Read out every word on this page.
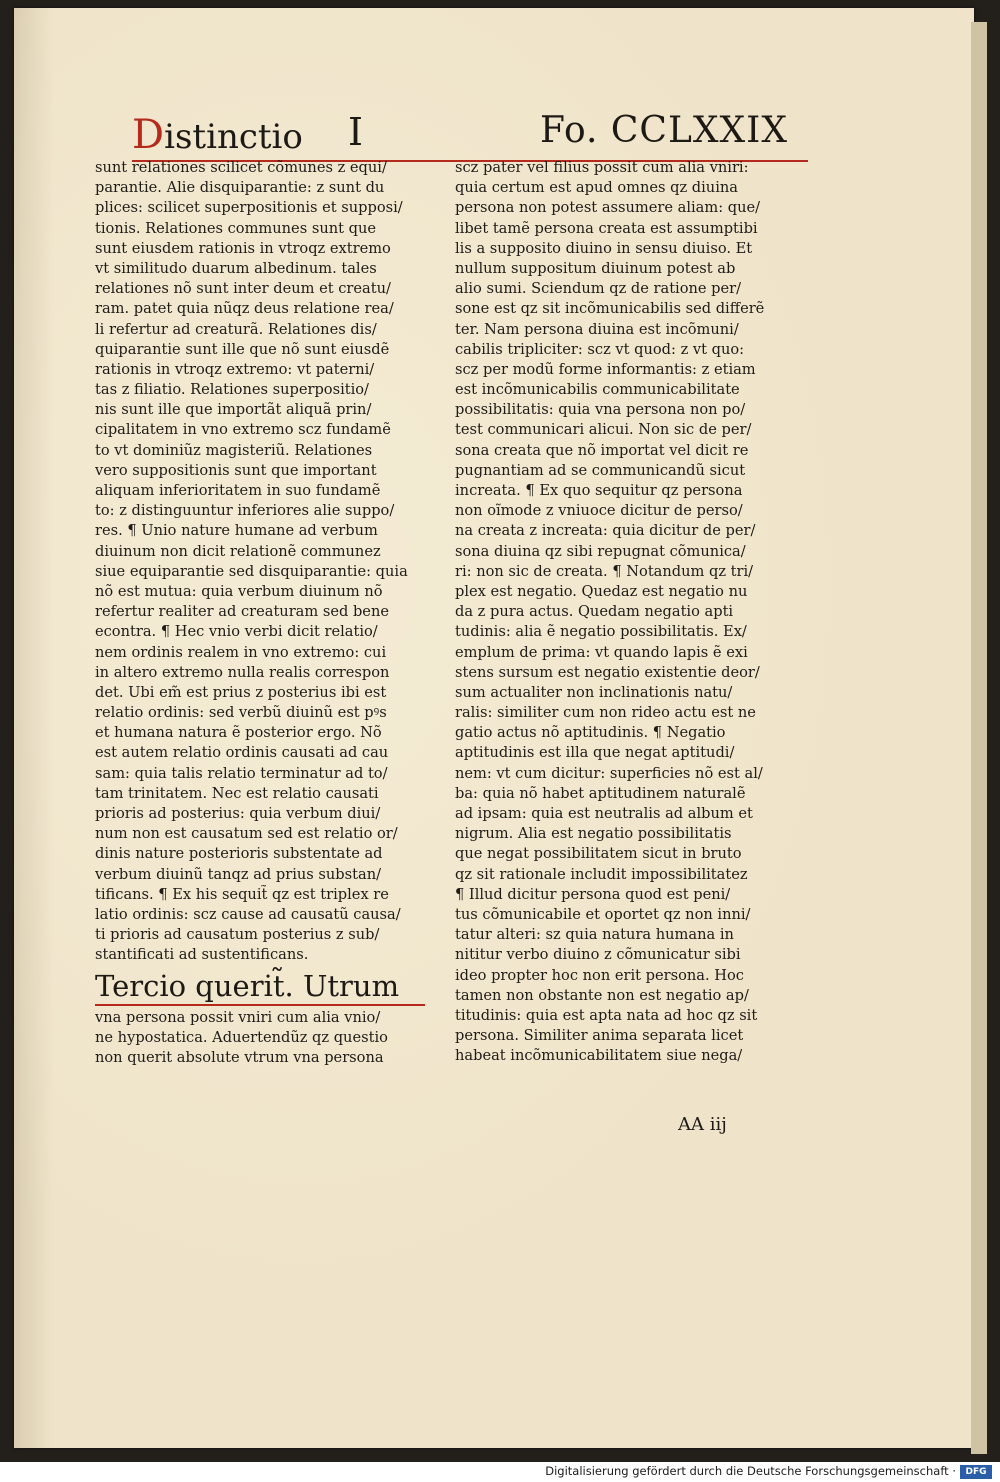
Distinctio I	Fo. CCLXXIX
sunt relationes scilicet cõmunes z equi/
parantie. Alie disquiparantie: z sunt du
plices: scilicet superpositionis et supposi/
tionis. Relationes communes sunt que
sunt eiusdem rationis in vtroqz extremo
vt similitudo duarum albedinum. tales
relationes nõ sunt inter deum et creatu/
ram. patet quia nũqz deus relatione rea/
li refertur ad creaturã. Relationes dis/
quiparantie sunt ille que nõ sunt eiusdẽ
rationis in vtroqz extremo: vt paterni/
tas z filiatio. Relationes superpositio/
nis sunt ille que importãt aliquã prin/
cipalitatem in vno extremo scz fundamẽ
to vt dominiũz magisteriũ. Relationes
vero suppositionis sunt que important
aliquam inferioritatem in suo fundamẽ
to: z distinguuntur inferiores alie suppo/
res. ¶ Unio nature humane ad verbum
diuinum non dicit relationẽ communez
siue equiparantie sed disquiparantie: quia
nõ est mutua: quia verbum diuinum nõ
refertur realiter ad creaturam sed bene
econtra. ¶ Hec vnio verbi dicit relatio/
nem ordinis realem in vno extremo: cui
in altero extremo nulla realis correspon
det. Ubi em̃ est prius z posterius ibi est
relatio ordinis: sed verbũ diuinũ est pꝰs
et humana natura ẽ posterior ergo. Nõ
est autem relatio ordinis causati ad cau
sam: quia talis relatio terminatur ad to/
tam trinitatem. Nec est relatio causati
prioris ad posterius: quia verbum diui/
num non est causatum sed est relatio or/
dinis nature posterioris substentate ad
verbum diuinũ tanqz ad prius substan/
tificans. ¶ Ex his sequit̃ qz est triplex re
latio ordinis: scz cause ad causatũ causa/
ti prioris ad causatum posterius z sub/
stantificati ad sustentificans.
Tercio querit̃. Utrum
vna persona possit vniri cum alia vnio/
ne hypostatica. Aduertendũz qz questio
non querit absolute vtrum vna persona
scz pater vel filius possit cum alia vniri:
quia certum est apud omnes qz diuina
persona non potest assumere aliam: que/
libet tamẽ persona creata est assumptibi
lis a supposito diuino in sensu diuiso. Et
nullum suppositum diuinum potest ab
alio sumi. Sciendum qz de ratione per/
sone est qz sit incõmunicabilis sed differẽ
ter. Nam persona diuina est incõmuni/
cabilis tripliciter: scz vt quod: z vt quo:
scz per modũ forme informantis: z etiam
est incõmunicabilis communicabilitate
possibilitatis: quia vna persona non po/
test communicari alicui. Non sic de per/
sona creata que nõ importat vel dicit re
pugnantiam ad se communicandũ sicut
increata. ¶ Ex quo sequitur qz persona
non oĩmode z vniuoce dicitur de perso/
na creata z increata: quia dicitur de per/
sona diuina qz sibi repugnat cõmunica/
ri: non sic de creata. ¶ Notandum qz tri/
plex est negatio. Quedaz est negatio nu
da z pura actus. Quedam negatio apti
tudinis: alia ẽ negatio possibilitatis. Ex/
emplum de prima: vt quando lapis ẽ exi
stens sursum est negatio existentie deor/
sum actualiter non inclinationis natu/
ralis: similiter cum non rideo actu est ne
gatio actus nõ aptitudinis. ¶ Negatio
aptitudinis est illa que negat aptitudi/
nem: vt cum dicitur: superficies nõ est al/
ba: quia nõ habet aptitudinem naturalẽ
ad ipsam: quia est neutralis ad album et
nigrum. Alia est negatio possibilitatis
que negat possibilitatem sicut in bruto
qz sit rationale includit impossibilitatez
¶ Illud dicitur persona quod est peni/
tus cõmunicabile et oportet qz non inni/
tatur alteri: sz quia natura humana in
nititur verbo diuino z cõmunicatur sibi
ideo propter hoc non erit persona. Hoc
tamen non obstante non est negatio ap/
titudinis: quia est apta nata ad hoc qz sit
persona. Similiter anima separata licet
habeat incõmunicabilitatem siue nega/
AA iij
Digitalisierung gefördert durch die Deutsche Forschungsgemeinschaft ·	DFG
